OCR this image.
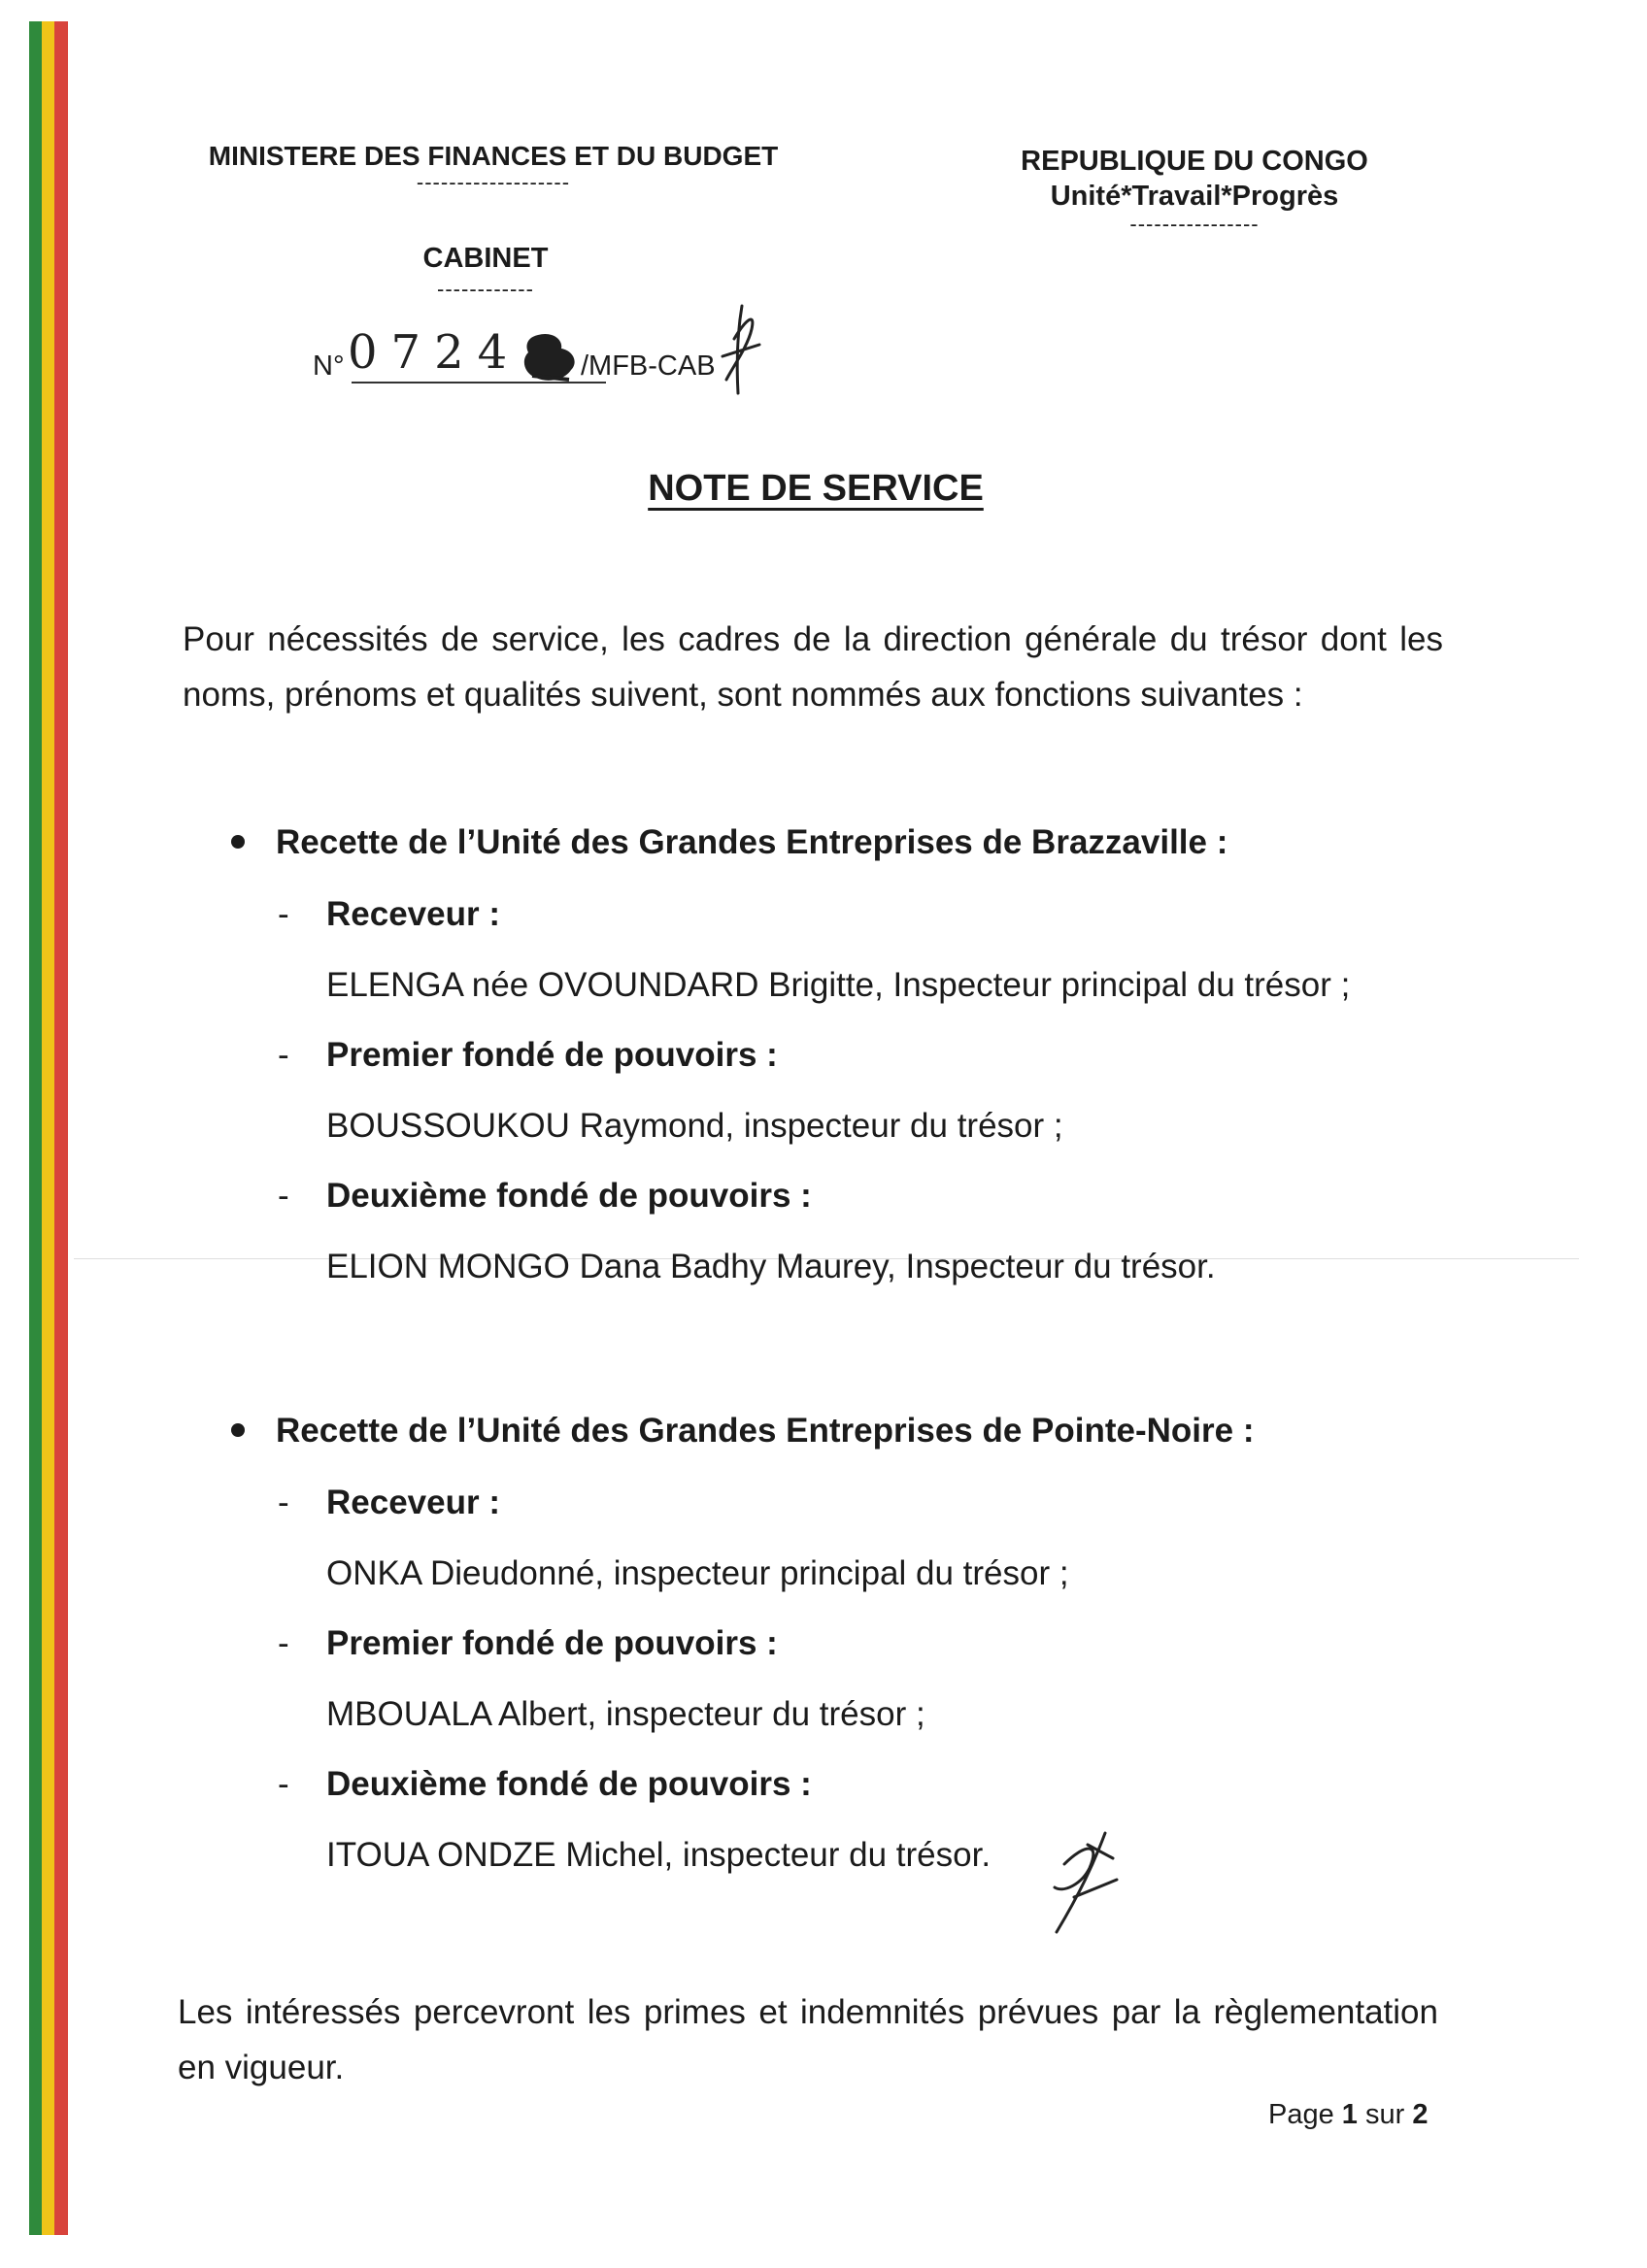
MINISTERE DES FINANCES ET DU BUDGET
-------------------
CABINET
------------
REPUBLIQUE DU CONGO
Unité*Travail*Progrès
----------------
N° 0724 /MFB-CAB
NOTE DE SERVICE
Pour nécessités de service, les cadres de la direction générale du trésor dont les noms, prénoms et qualités suivent, sont nommés aux fonctions suivantes :
Recette de l’Unité des Grandes Entreprises de Brazzaville :
- Receveur :
ELENGA née OVOUNDARD Brigitte, Inspecteur principal du trésor ;
- Premier fondé de pouvoirs :
BOUSSOUKOU Raymond, inspecteur du trésor ;
- Deuxième fondé de pouvoirs :
ELION MONGO Dana Badhy Maurey, Inspecteur du trésor.
Recette de l’Unité des Grandes Entreprises de Pointe-Noire :
- Receveur :
ONKA Dieudonné, inspecteur principal du trésor ;
- Premier fondé de pouvoirs :
MBOUALA Albert, inspecteur du trésor ;
- Deuxième fondé de pouvoirs :
ITOUA ONDZE Michel, inspecteur du trésor.
Les intéressés percevront les primes et indemnités prévues par la règlementation en vigueur.
Page 1 sur 2
